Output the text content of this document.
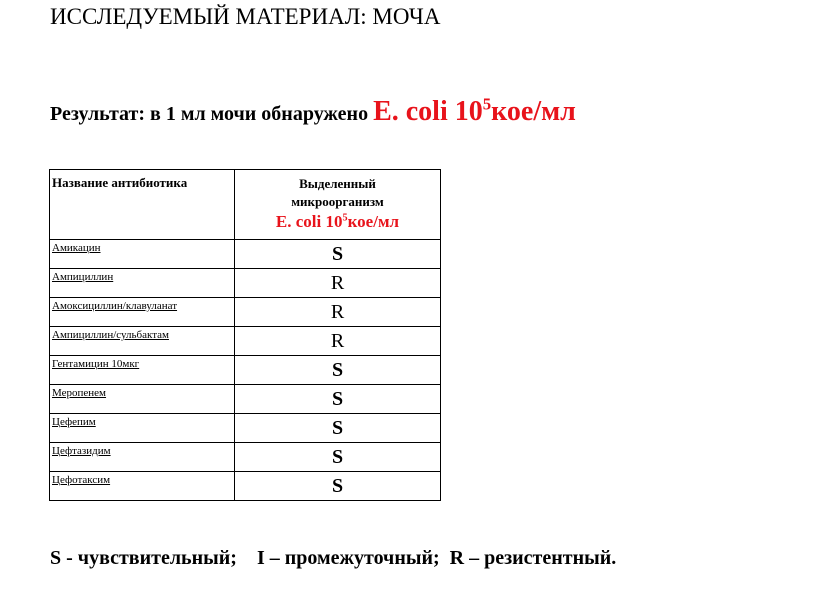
ИССЛЕДУЕМЫЙ МАТЕРИАЛ: МОЧА
Результат: в 1 мл мочи обнаружено E. coli $10^5кое/мл$
Название антибиотика	Выделенный
микроорганизм
E. coli $10^5кое/мл$

Амикацин	S
Ампициллин	R
Амоксициллин/клавуланат	R
Ампициллин/сульбактам	R
Гентамицин 10мкг	S
Меропенем	S
Цефепим	S
Цефтазидим	S
Цефотаксим	S
S - чувствительный;    I – промежуточный;  R – резистентный.
